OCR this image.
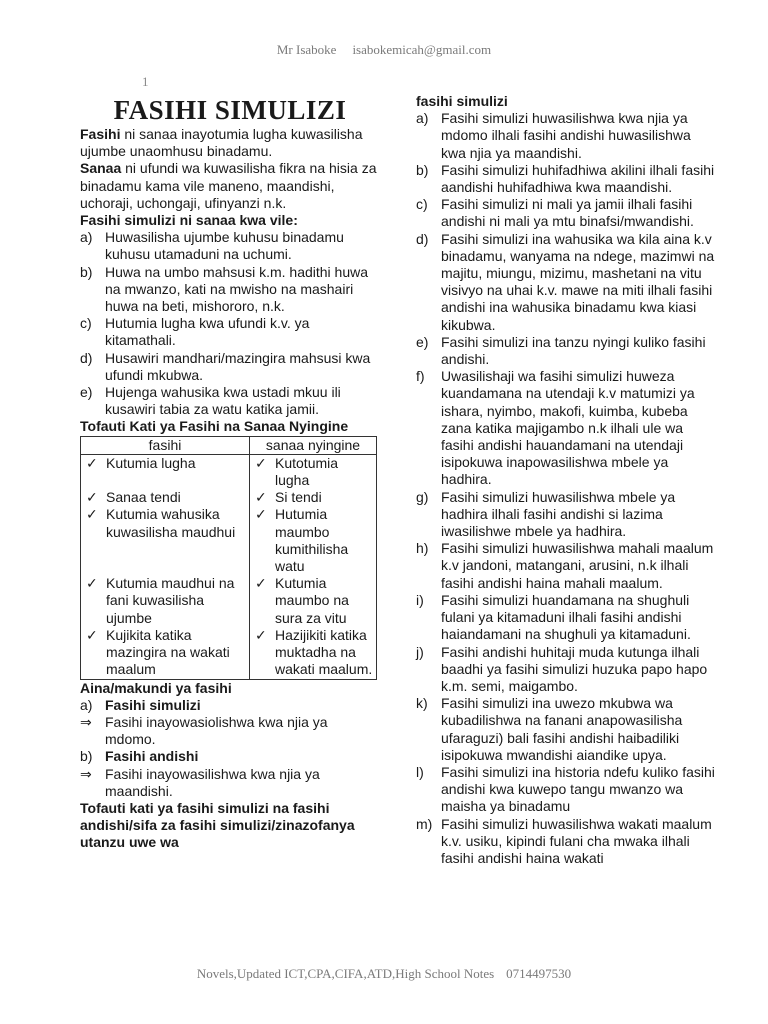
Mr Isaboke isabokemicah@gmail.com
1
FASIHI SIMULIZI

Fasihi ni sanaa inayotumia lugha kuwasilisha ujumbe unaomhusu binadamu.

Sanaa ni ufundi wa kuwasilisha fikra na hisia za binadamu kama vile maneno, maandishi, uchoraji, uchongaji, ufinyanzi n.k.

Fasihi simulizi ni sanaa kwa vile:

a) Huwasilisha ujumbe kuhusu binadamu kuhusu utamaduni na uchumi.
b) Huwa na umbo mahsusi k.m. hadithi huwa na mwanzo, kati na mwisho na mashairi huwa na beti, mishororo, n.k.
c) Hutumia lugha kwa ufundi k.v. ya kitamathali.
d) Husawiri mandhari/mazingira mahsusi kwa ufundi mkubwa.
e) Hujenga wahusika kwa ustadi mkuu ili kusawiri tabia za watu katika jamii.

Tofauti Kati ya Fasihi na Sanaa Nyingine

fasihi	sanaa nyingine

✓ Kutumia lugha	✓ Kutotumia lugha

✓ Sanaa tendi	✓ Si tendi

✓ Kutumia wahusika kuwasilisha maudhui	✓ Hutumia maumbo kumithilisha watu

✓ Kutumia maudhui na fani kuwasilisha ujumbe	✓ Kutumia maumbo na sura za vitu

✓ Kujikita katika mazingira na wakati maalum	✓ Hazijikiti katika muktadha na wakati maalum.

Aina/makundi ya fasihi

a) Fasihi simulizi
⇒ Fasihi inayowasiolishwa kwa njia ya mdomo.
b) Fasihi andishi
⇒ Fasihi inayowasilishwa kwa njia ya maandishi.

Tofauti kati ya fasihi simulizi na fasihi andishi/sifa za fasihi simulizi/zinazofanya utanzu uwe wa

fasihi simulizi

a) Fasihi simulizi huwasilishwa kwa njia ya mdomo ilhali fasihi andishi huwasilishwa kwa njia ya maandishi.
b) Fasihi simulizi huhifadhiwa akilini ilhali fasihi aandishi huhifadhiwa kwa maandishi.
c) Fasihi simulizi ni mali ya jamii ilhali fasihi andishi ni mali ya mtu binafsi/mwandishi.
d) Fasihi simulizi ina wahusika wa kila aina k.v binadamu, wanyama na ndege, mazimwi na majitu, miungu, mizimu, mashetani na vitu visivyo na uhai k.v. mawe na miti ilhali fasihi andishi ina wahusika binadamu kwa kiasi kikubwa.
e) Fasihi simulizi ina tanzu nyingi kuliko fasihi andishi.
f)	Uwasilishaji wa fasihi simulizi huweza kuandamana na utendaji k.v matumizi ya ishara, nyimbo, makofi, kuimba, kubeba zana katika majigambo n.k ilhali ule wa fasihi andishi hauandamani na utendaji isipokuwa inapowasilishwa mbele ya hadhira.
g) Fasihi simulizi huwasilishwa mbele ya hadhira ilhali fasihi andishi si lazima iwasilishwe mbele ya hadhira.
h) Fasihi simulizi huwasilishwa mahali maalum k.v jandoni, matangani, arusini, n.k ilhali fasihi andishi haina mahali maalum.
i)	Fasihi simulizi huandamana na shughuli fulani ya kitamaduni ilhali fasihi andishi haiandamani na shughuli ya kitamaduni.
j)	Fasihi andishi huhitaji muda kutunga ilhali baadhi ya fasihi simulizi huzuka papo hapo k.m. semi, maigambo.
k) Fasihi simulizi ina uwezo mkubwa wa kubadilishwa na fanani anapowasilisha ufaraguzi) bali fasihi andishi haibadiliki isipokuwa mwandishi aiandike upya.
l)	Fasihi simulizi ina historia ndefu kuliko fasihi andishi kwa kuwepo tangu mwanzo wa maisha ya binadamu
m) Fasihi simulizi huwasilishwa wakati maalum k.v. usiku, kipindi fulani cha mwaka ilhali fasihi andishi haina wakati
Novels,Updated ICT,CPA,CIFA,ATD,High School Notes 0714497530
